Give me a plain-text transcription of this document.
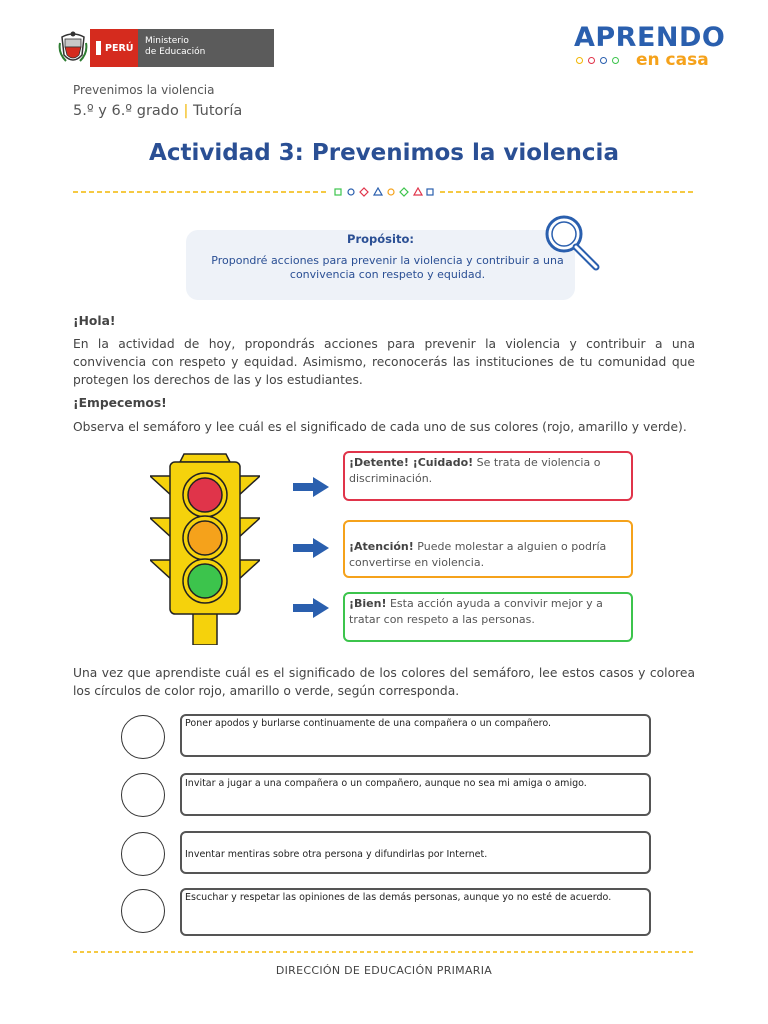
PERÚ
Ministerio
de Educación	APRENDO
en casa
Prevenimos la violencia
5.º y 6.º grado | Tutoría
Actividad 3: Prevenimos la violencia
Propósito:
Propondré acciones para prevenir la violencia y contribuir a una convivencia con respeto y equidad.
¡Hola!
En la actividad de hoy, propondrás acciones para prevenir la violencia y contribuir a una convivencia con respeto y equidad. Asimismo, reconocerás las instituciones de tu comunidad que protegen los derechos de las y los estudiantes.
¡Empecemos!
Observa el semáforo y lee cuál es el significado de cada uno de sus colores (rojo, amarillo y verde).
¡Detente! ¡Cuidado! Se trata de violencia o discriminación.
¡Atención! Puede molestar a alguien o podría convertirse en violencia.
¡Bien! Esta acción ayuda a convivir mejor y a tratar con respeto a las personas.
Una vez que aprendiste cuál es el significado de los colores del semáforo, lee estos casos y colorea los círculos de color rojo, amarillo o verde, según corresponda.
Poner apodos y burlarse continuamente de una compañera o un compañero.
Invitar a jugar a una compañera o un compañero, aunque no sea mi amiga o amigo.
Inventar mentiras sobre otra persona y difundirlas por Internet.
Escuchar y respetar las opiniones de las demás personas, aunque yo no esté de acuerdo.
DIRECCIÓN DE EDUCACIÓN PRIMARIA
